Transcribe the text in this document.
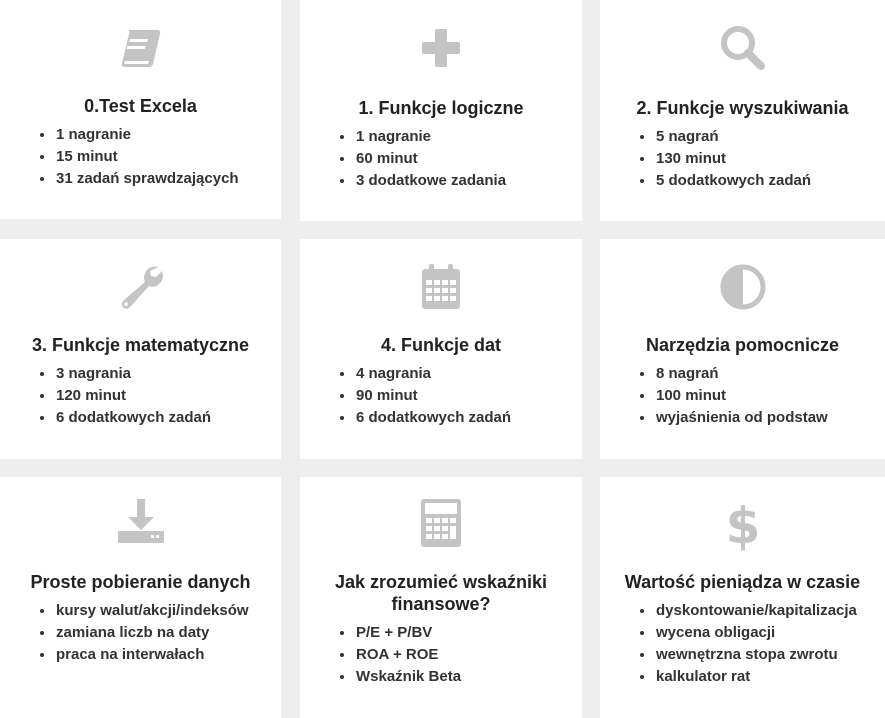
0.Test Excela
1 nagranie
15 minut
31 zadań sprawdzających
1. Funkcje logiczne
1 nagranie
60 minut
3 dodatkowe zadania
2. Funkcje wyszukiwania
5 nagrań
130 minut
5 dodatkowych zadań
3. Funkcje matematyczne
3 nagrania
120 minut
6 dodatkowych zadań
4. Funkcje dat
4 nagrania
90 minut
6 dodatkowych zadań
Narzędzia pomocnicze
8 nagrań
100 minut
wyjaśnienia od podstaw
Proste pobieranie danych
kursy walut/akcji/indeksów
zamiana liczb na daty
praca na interwałach
Jak zrozumieć wskaźniki finansowe?
P/E + P/BV
ROA + ROE
Wskaźnik Beta
$
Wartość pieniądza w czasie
dyskontowanie/kapitalizacja
wycena obligacji
wewnętrzna stopa zwrotu
kalkulator rat
